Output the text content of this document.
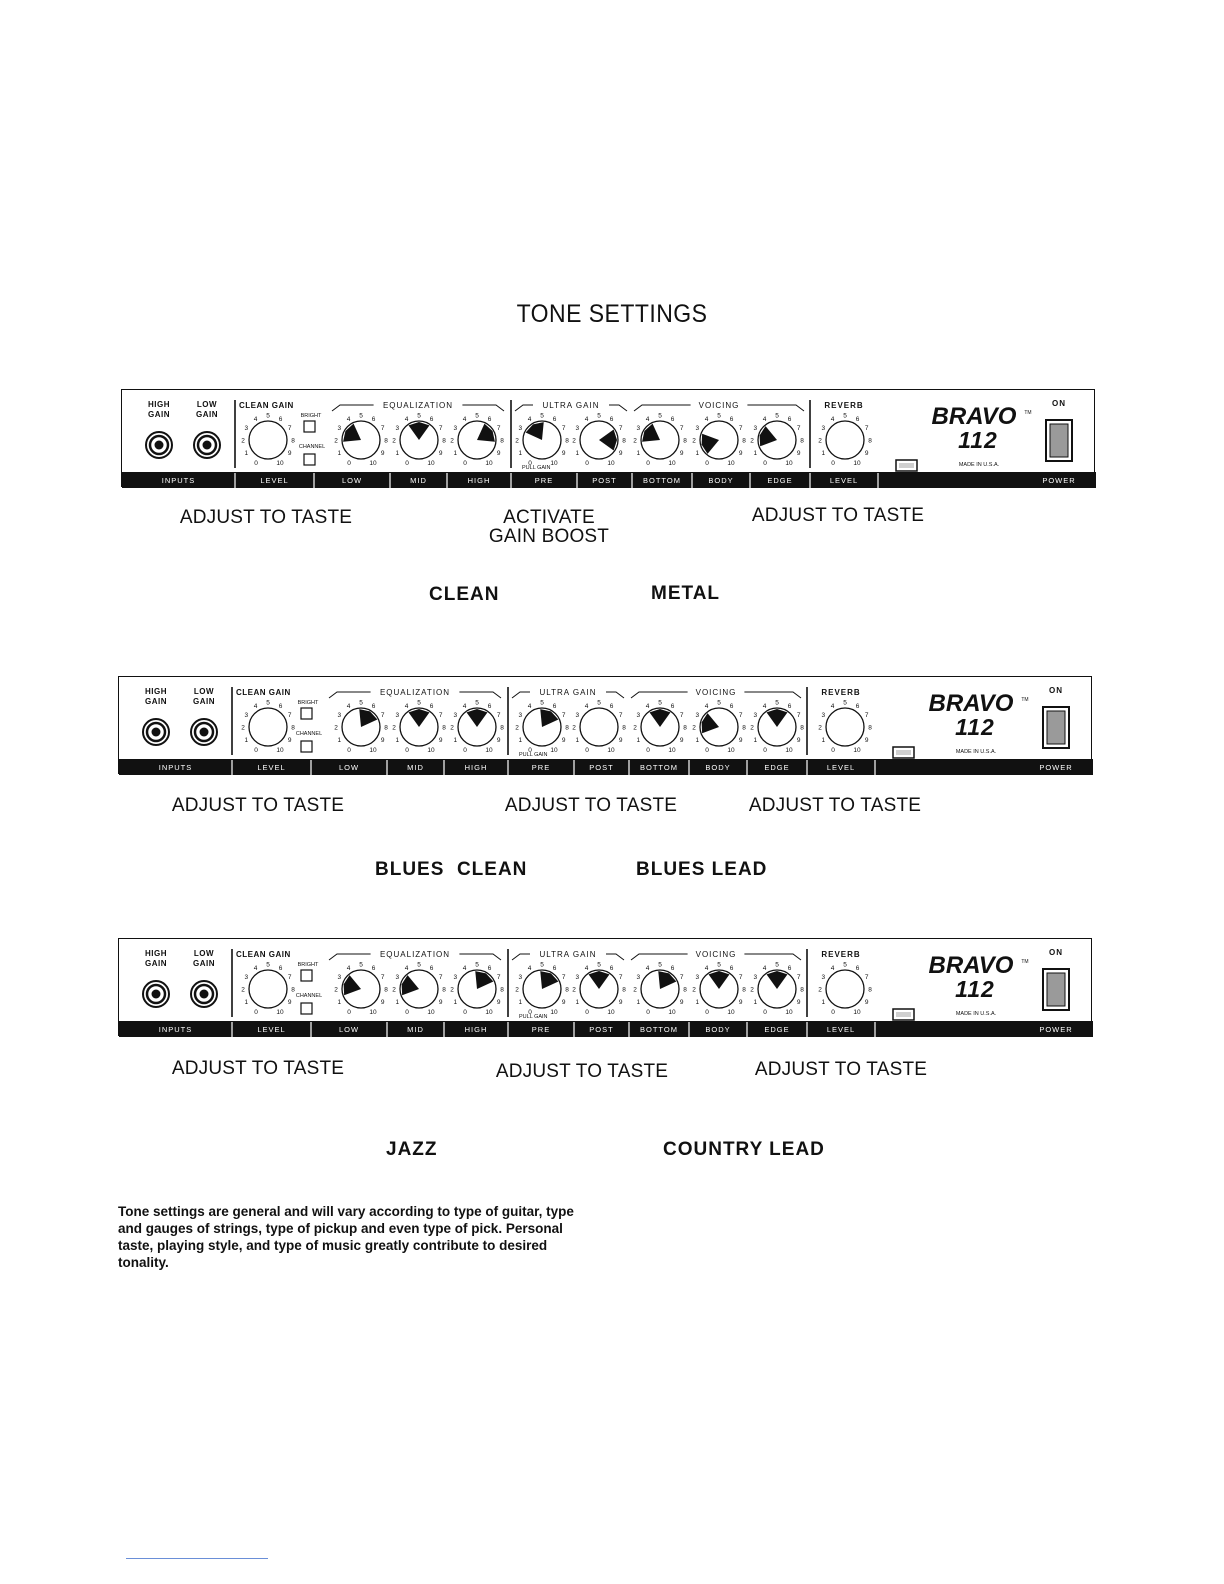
TONE SETTINGS
HIGH
GAIN
LOW
GAIN
CLEAN GAIN
BRIGHT
CHANNEL
EQUALIZATION	ULTRA GAIN	VOICING	REVERB
1
2
3
4 5 6
7
8
9
0	10
1
2
3
4 5 6
7
8
9
0	10
1
2
3
4 5 6
7
8
9
0	10
1
2
3
4 5 6
7
8
9
0	10
1
2
3
4 5 6
7
8
9
0	10
1
2
3
4 5 6
7
8
9
0	10
1
2
3
4 5 6
7
8
9
0	10
1
2
3
4 5 6
7
8
9
0	10
1
2
3
4 5 6
7
8
9
0	10
1
2
3
4 5 6
7
8
9
0	10
PULL GAIN
BRAVO TM
112
MADE IN U.S.A.
ON
INPUTS	LEVEL	LOW	MID	HIGH	PRE	POST	BOTTOM	BODY	EDGE	LEVEL	POWER
HIGH
GAIN
LOW
GAIN
CLEAN GAIN
BRIGHT
CHANNEL
EQUALIZATION	ULTRA GAIN	VOICING	REVERB
1
2
3
4 5 6
7
8
9
0	10
1
2
3
4 5 6
7
8
9
0	10
1
2
3
4 5 6
7
8
9
0	10
1
2
3
4 5 6
7
8
9
0	10
1
2
3
4 5 6
7
8
9
0	10
1
2
3
4 5 6
7
8
9
0	10
1
2
3
4 5 6
7
8
9
0	10
1
2
3
4 5 6
7
8
9
0	10
1
2
3
4 5 6
7
8
9
0	10
1
2
3
4 5 6
7
8
9
0	10
PULL GAIN
BRAVO TM
112
MADE IN U.S.A.
ON
INPUTS	LEVEL	LOW	MID	HIGH	PRE	POST	BOTTOM	BODY	EDGE	LEVEL	POWER
HIGH
GAIN
LOW
GAIN
CLEAN GAIN
BRIGHT
CHANNEL
EQUALIZATION	ULTRA GAIN	VOICING	REVERB
1
2
3
4 5 6
7
8
9
0	10
1
2
3
4 5 6
7
8
9
0	10
1
2
3
4 5 6
7
8
9
0	10
1
2
3
4 5 6
7
8
9
0	10
1
2
3
4 5 6
7
8
9
0	10
1
2
3
4 5 6
7
8
9
0	10
1
2
3
4 5 6
7
8
9
0	10
1
2
3
4 5 6
7
8
9
0	10
1
2
3
4 5 6
7
8
9
0	10
1
2
3
4 5 6
7
8
9
0	10
PULL GAIN
BRAVO TM
112
MADE IN U.S.A.
ON
INPUTS	LEVEL	LOW	MID	HIGH	PRE	POST	BOTTOM	BODY	EDGE	LEVEL	POWER
Tone settings are general and will vary according to type of guitar, type and gauges of strings, type of pickup and even type of pick. Personal taste, playing style, and type of music greatly contribute to desired tonality.
ADJUST TO TASTE	ACTIVATE
GAIN BOOST
ADJUST TO TASTE
CLEAN	METAL
ADJUST TO TASTE	ADJUST TO TASTE	ADJUST TO TASTE
BLUES  CLEAN	BLUES LEAD
ADJUST TO TASTE	ADJUST TO TASTE	ADJUST TO TASTE
JAZZ	COUNTRY LEAD
